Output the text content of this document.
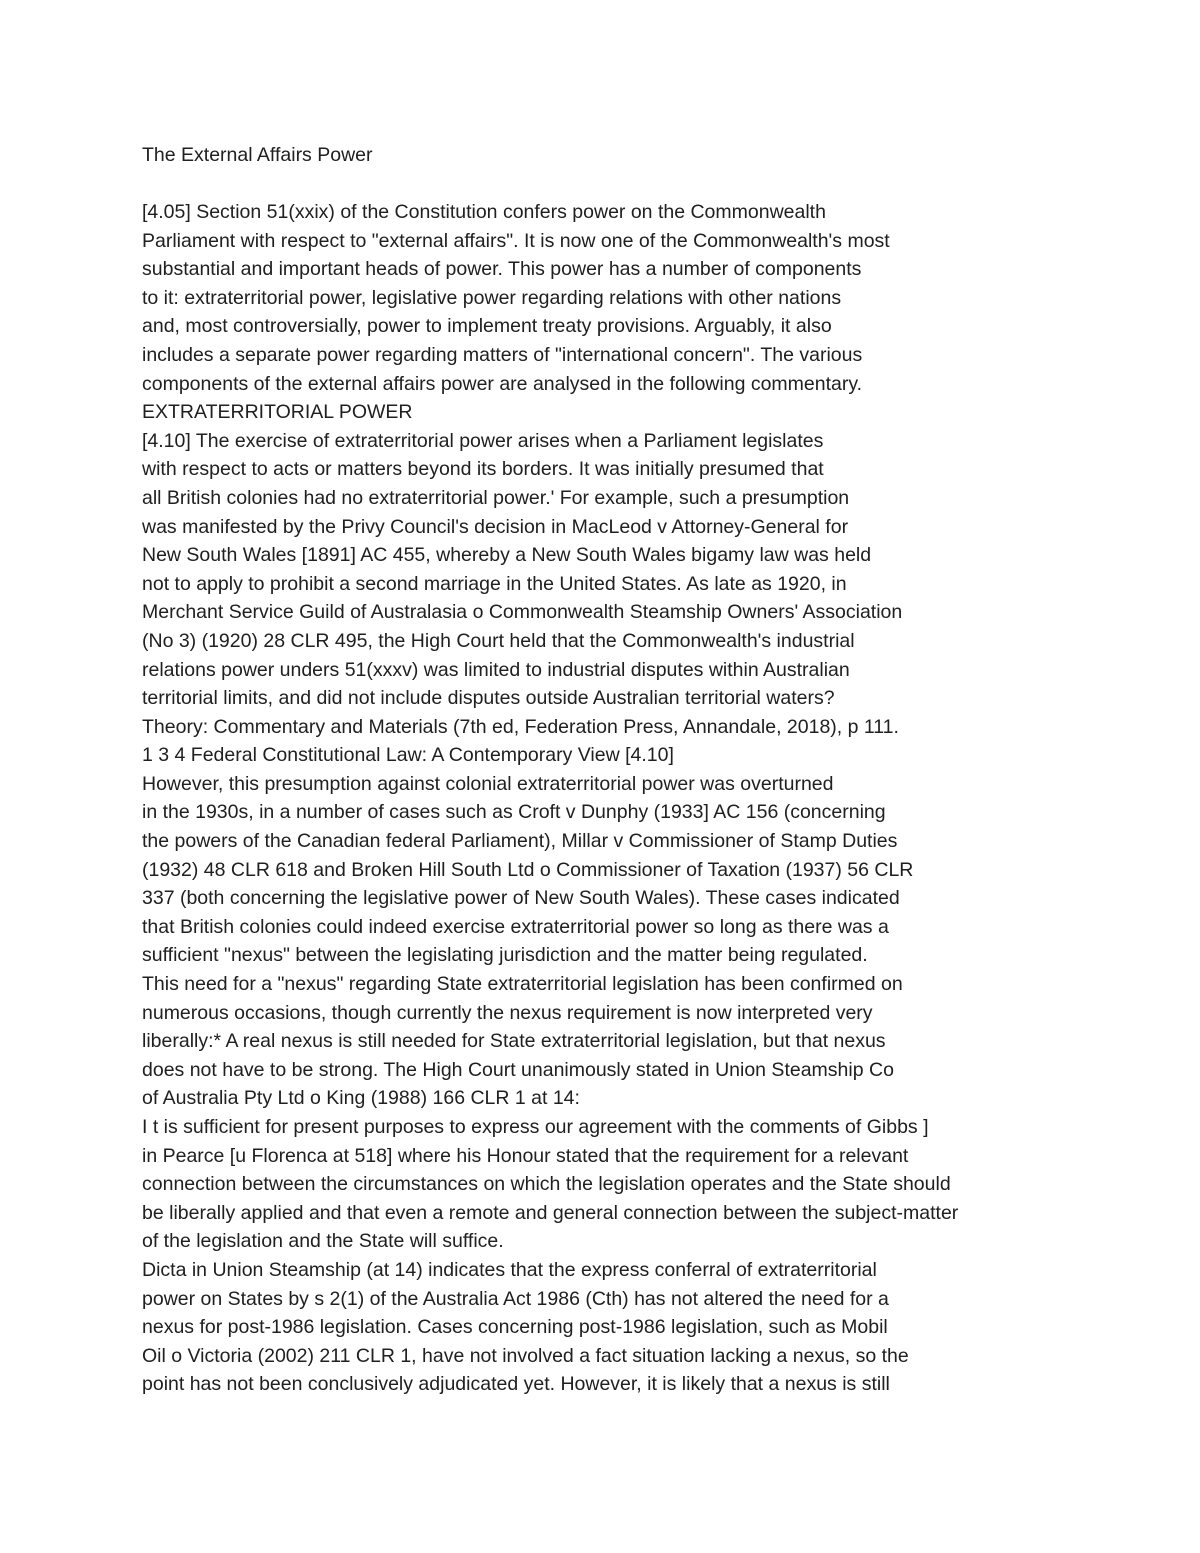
The External Affairs Power
[4.05] Section 51(xxix) of the Constitution confers power on the Commonwealth
Parliament with respect to "external affairs". It is now one of the Commonwealth's most
substantial and important heads of power. This power has a number of components
to it: extraterritorial power, legislative power regarding relations with other nations
and, most controversially, power to implement treaty provisions. Arguably, it also
includes a separate power regarding matters of "international concern". The various
components of the external affairs power are analysed in the following commentary.
EXTRATERRITORIAL POWER
[4.10] The exercise of extraterritorial power arises when a Parliament legislates
with respect to acts or matters beyond its borders. It was initially presumed that
all British colonies had no extraterritorial power.' For example, such a presumption
was manifested by the Privy Council's decision in MacLeod v Attorney-General for
New South Wales [1891] AC 455, whereby a New South Wales bigamy law was held
not to apply to prohibit a second marriage in the United States. As late as 1920, in
Merchant Service Guild of Australasia o Commonwealth Steamship Owners' Association
(No 3) (1920) 28 CLR 495, the High Court held that the Commonwealth's industrial
relations power unders 51(xxxv) was limited to industrial disputes within Australian
territorial limits, and did not include disputes outside Australian territorial waters?
Theory: Commentary and Materials (7th ed, Federation Press, Annandale, 2018), p 111.
1 3 4 Federal Constitutional Law: A Contemporary View [4.10]
However, this presumption against colonial extraterritorial power was overturned
in the 1930s, in a number of cases such as Croft v Dunphy (1933] AC 156 (concerning
the powers of the Canadian federal Parliament), Millar v Commissioner of Stamp Duties
(1932) 48 CLR 618 and Broken Hill South Ltd o Commissioner of Taxation (1937) 56 CLR
337 (both concerning the legislative power of New South Wales). These cases indicated
that British colonies could indeed exercise extraterritorial power so long as there was a
sufficient "nexus" between the legislating jurisdiction and the matter being regulated.
This need for a "nexus" regarding State extraterritorial legislation has been confirmed on
numerous occasions, though currently the nexus requirement is now interpreted very
liberally:* A real nexus is still needed for State extraterritorial legislation, but that nexus
does not have to be strong. The High Court unanimously stated in Union Steamship Co
of Australia Pty Ltd o King (1988) 166 CLR 1 at 14:
I t is sufficient for present purposes to express our agreement with the comments of Gibbs ]
in Pearce [u Florenca at 518] where his Honour stated that the requirement for a relevant
connection between the circumstances on which the legislation operates and the State should
be liberally applied and that even a remote and general connection between the subject-matter
of the legislation and the State will suffice.
Dicta in Union Steamship (at 14) indicates that the express conferral of extraterritorial
power on States by s 2(1) of the Australia Act 1986 (Cth) has not altered the need for a
nexus for post-1986 legislation. Cases concerning post-1986 legislation, such as Mobil
Oil o Victoria (2002) 211 CLR 1, have not involved a fact situation lacking a nexus, so the
point has not been conclusively adjudicated yet. However, it is likely that a nexus is still
